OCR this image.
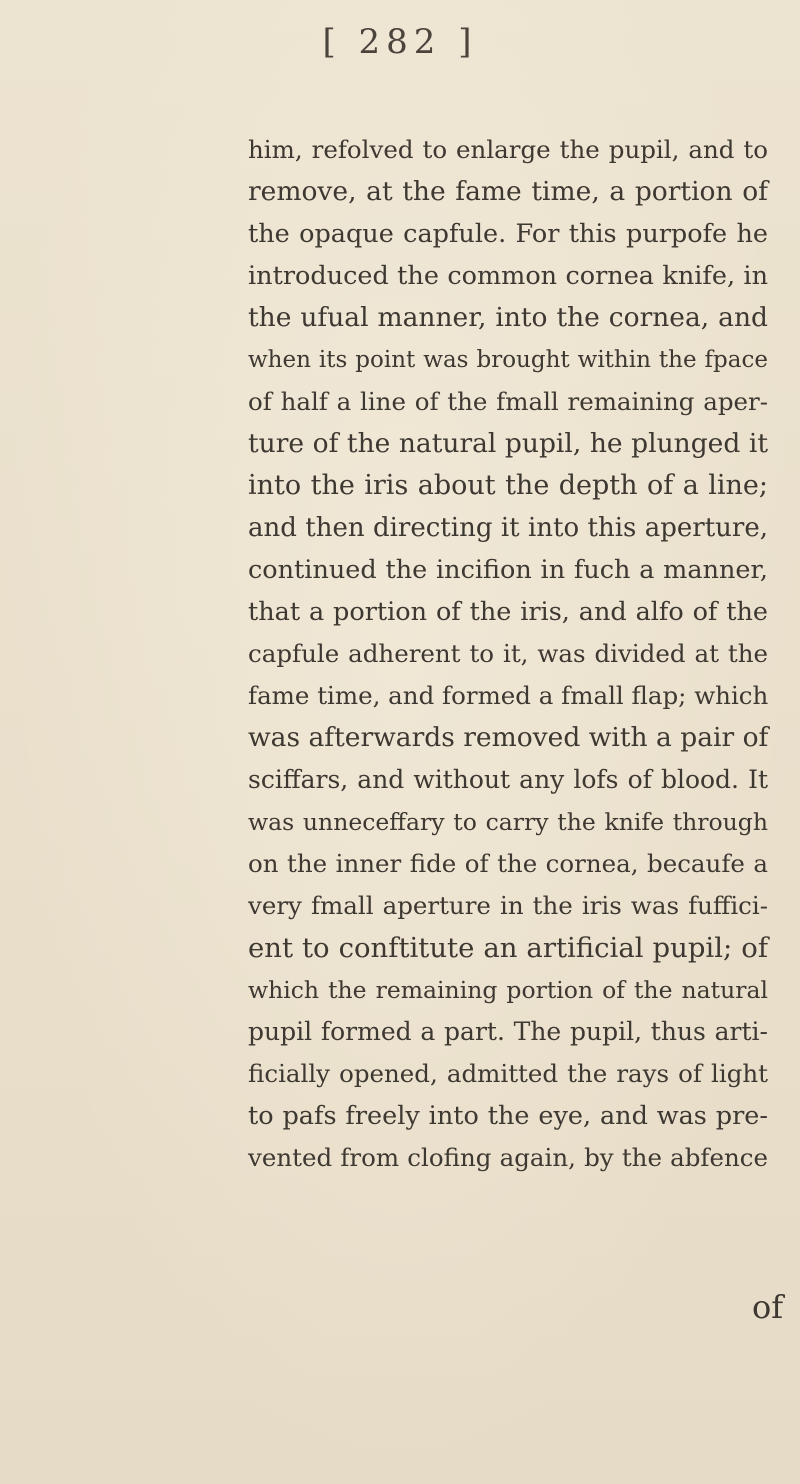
[ 282 ]
him, refolved to enlarge the pupil, and to
remove, at the fame time, a portion of
the opaque capfule. For this purpofe he
introduced the common cornea knife, in
the ufual manner, into the cornea, and
when its point was brought within the fpace
of half a line of the fmall remaining aper-
ture of the natural pupil, he plunged it
into the iris about the depth of a line;
and then directing it into this aperture,
continued the incifion in fuch a manner,
that a portion of the iris, and alfo of the
capfule adherent to it, was divided at the
fame time, and formed a fmall flap; which
was afterwards removed with a pair of
sciffars, and without any lofs of blood. It
was unneceffary to carry the knife through
on the inner fide of the cornea, becaufe a
very fmall aperture in the iris was fuffici-
ent to conftitute an artificial pupil; of
which the remaining portion of the natural
pupil formed a part. The pupil, thus arti-
ficially opened, admitted the rays of light
to pafs freely into the eye, and was pre-
vented from clofing again, by the abfence
of
